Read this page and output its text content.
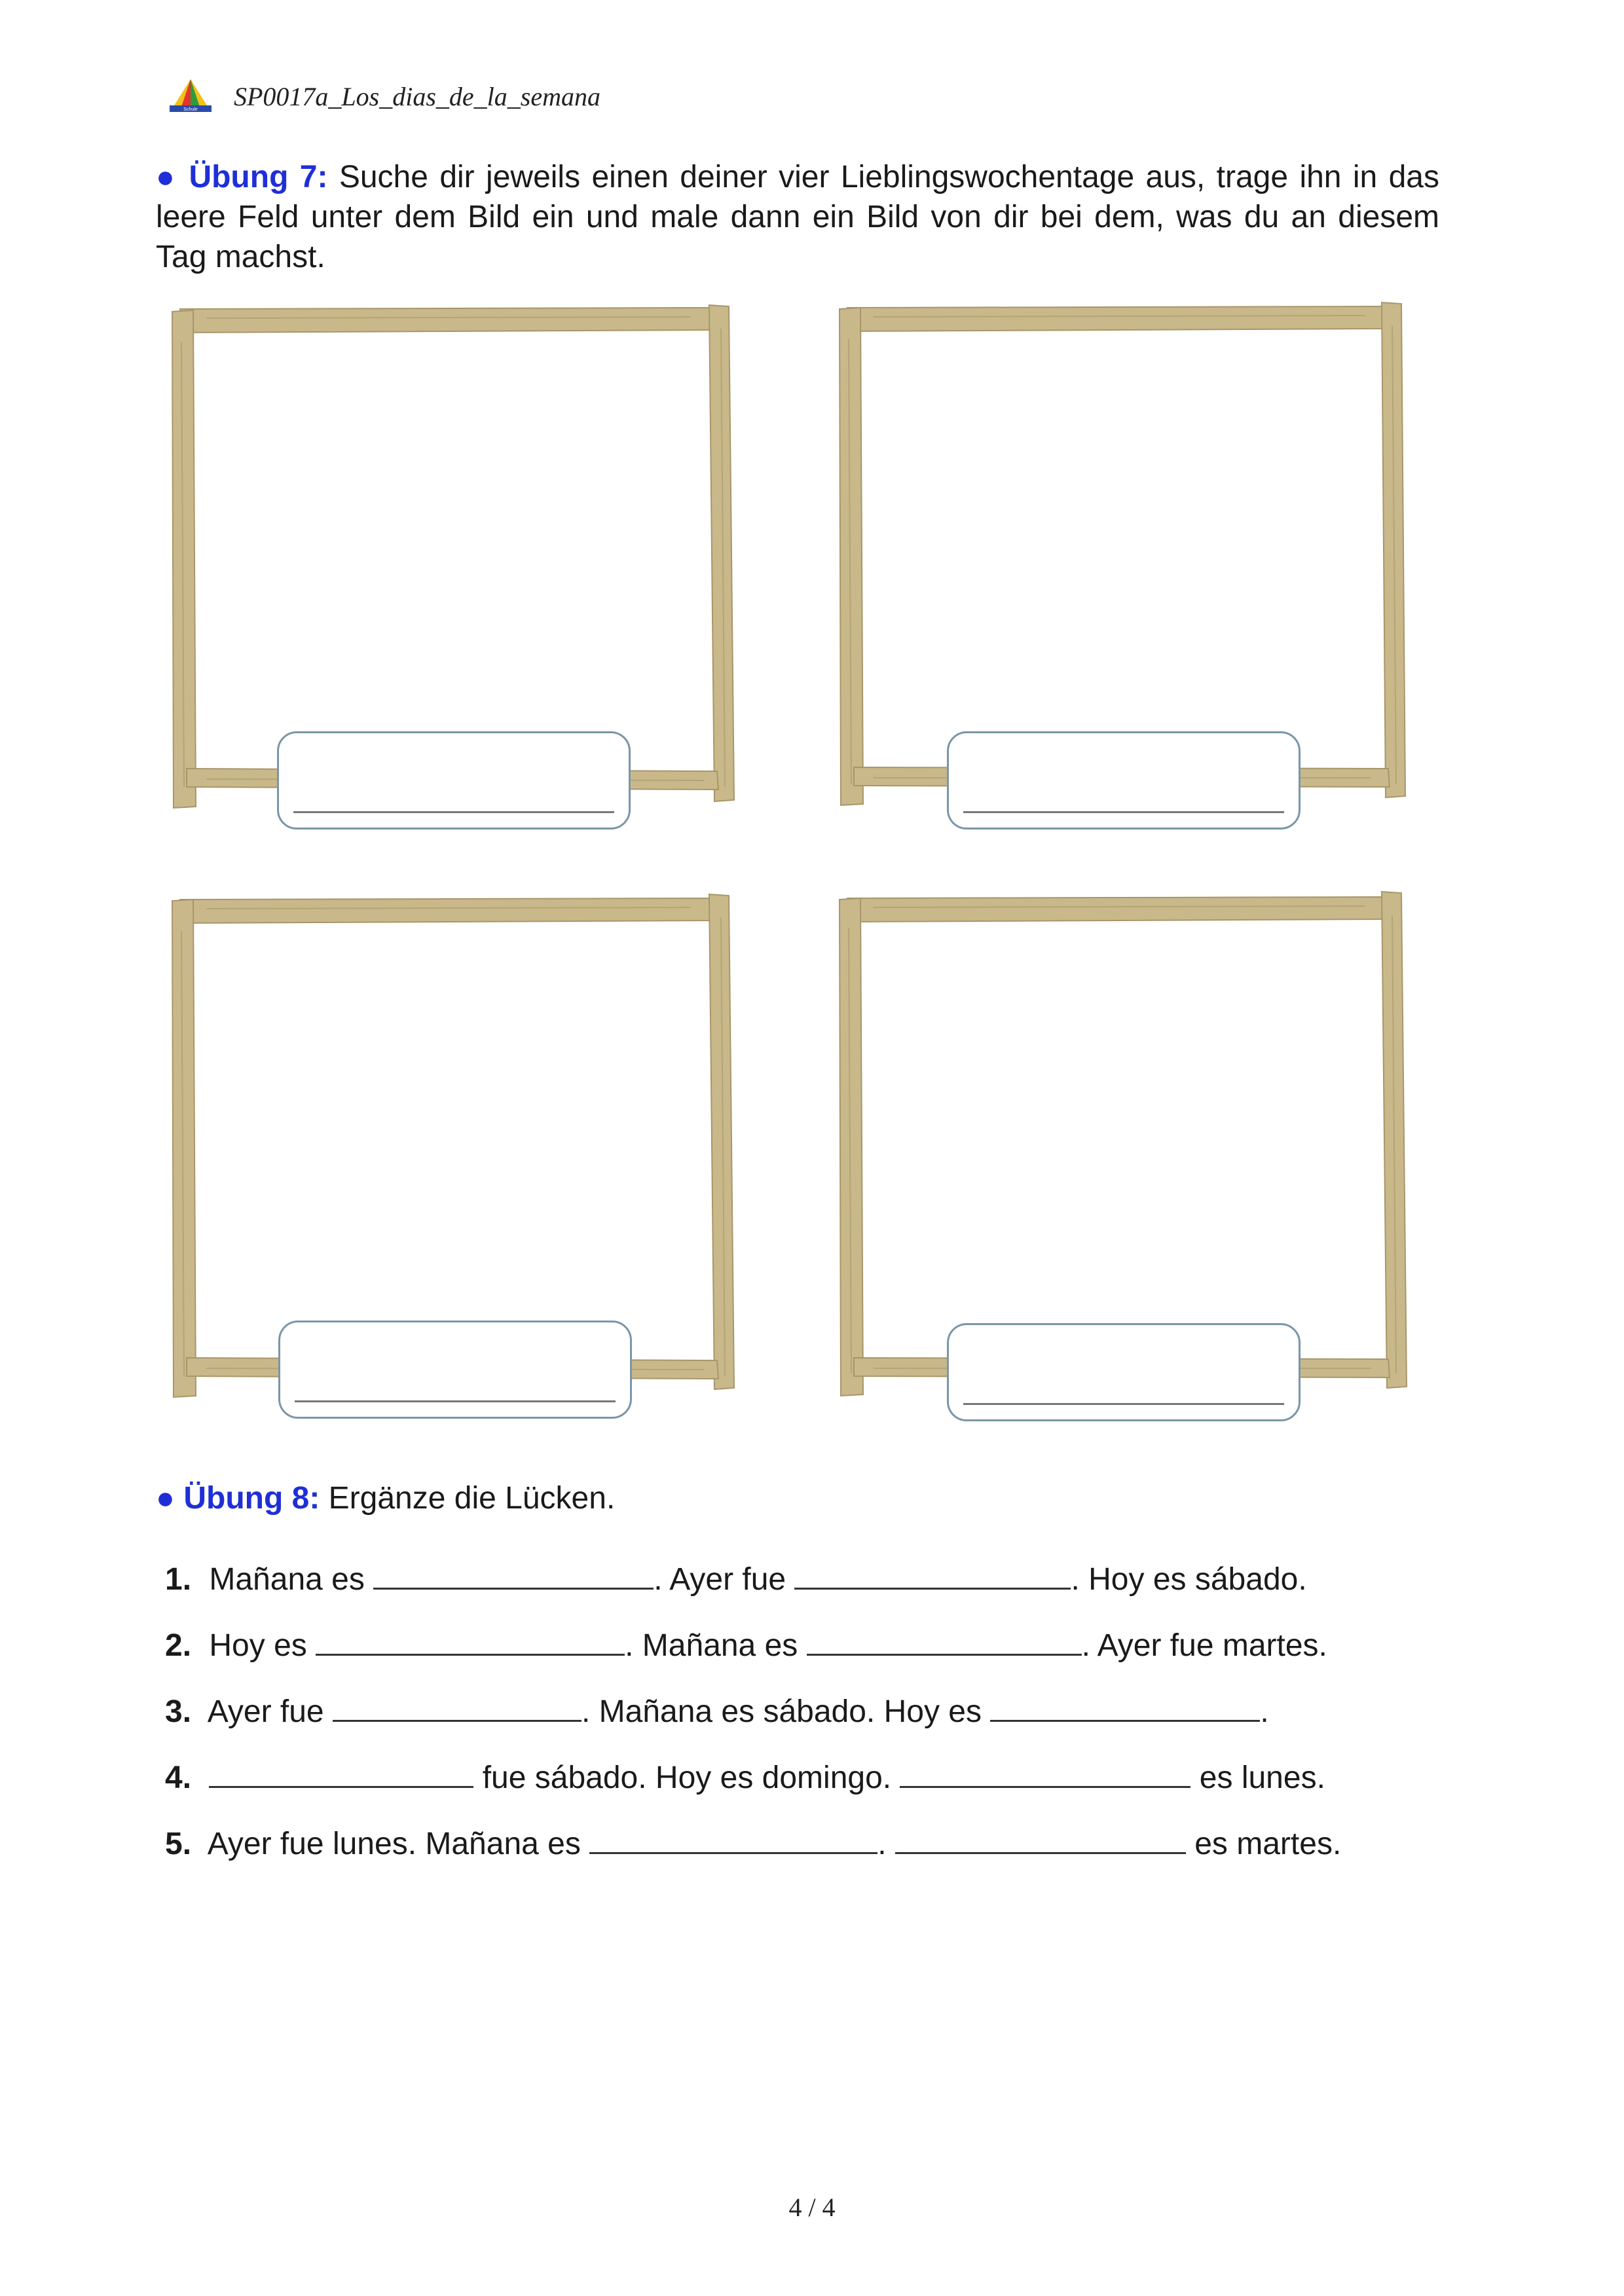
Schule SP0017a_Los_dias_de_la_semana
● Übung 7: Suche dir jeweils einen deiner vier Lieblingswochentage aus, trage ihn in das leere Feld unter dem Bild ein und male dann ein Bild von dir bei dem, was du an diesem Tag machst.
● Übung 8: Ergänze die Lücken.
1. Mañana es	. Ayer fue	. Hoy es sábado.
2. Hoy es	. Mañana es	. Ayer fue martes.
3. Ayer fue	. Mañana es sábado. Hoy es	.
4.	fue sábado. Hoy es domingo.	es lunes.
5. Ayer fue lunes. Mañana es	.	es martes.
4 / 4
